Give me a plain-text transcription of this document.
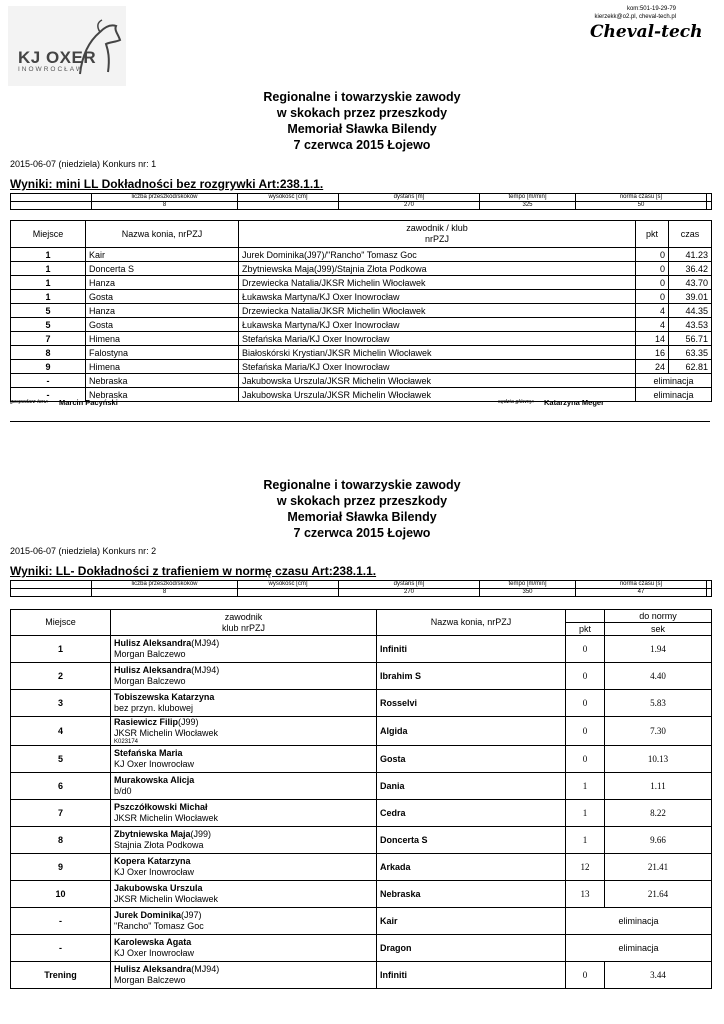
KJ OXER
INOWROCŁAW
kom:501-19-29-79
kierzekk@o2.pl, cheval-tech.pl
Cheval-tech
Regionalne i towarzyskie zawody
w skokach przez przeszkody
Memoriał Sławka Bilendy
7 czerwca 2015 Łojewo
2015-06-07 (niedziela) Konkurs nr: 1
Wyniki: mini LL Dokładności bez rozgrywki Art:238.1.1.
	liczba przeszkód/skoków	wysokość [cm]	dystans [m]	tempo [m/min]	norma czasu [s]	
	8		270	325	50	
Miejsce	Nazwa konia, nrPZJ	zawodnik / klub
nrPZJ	pkt	czas
1	Kair	Jurek Dominika(J97)/"Rancho" Tomasz Goc	0	41.23
1	Doncerta S	Zbytniewska Maja(J99)/Stajnia Złota Podkowa	0	36.42
1	Hanza	Drzewiecka Natalia/JKSR Michelin Włocławek	0	43.70
1	Gosta	Łukawska Martyna/KJ Oxer Inowrocław	0	39.01
5	Hanza	Drzewiecka Natalia/JKSR Michelin Włocławek	4	44.35
5	Gosta	Łukawska Martyna/KJ Oxer Inowrocław	4	43.53
7	Himena	Stefańska Maria/KJ Oxer Inowrocław	14	56.71
8	Falostyna	Białoskórski Krystian/JKSR Michelin Włocławek	16	63.35
9	Himena	Stefańska Maria/KJ Oxer Inowrocław	24	62.81
-	Nebraska	Jakubowska Urszula/JKSR Michelin Włocławek	eliminacja	
-	Nebraska	Jakubowska Urszula/JKSR Michelin Włocławek	eliminacja	
gospodarz toru: Marcin Pacyński	sędzia główny: Katarzyna Meger
Regionalne i towarzyskie zawody
w skokach przez przeszkody
Memoriał Sławka Bilendy
7 czerwca 2015 Łojewo
2015-06-07 (niedziela) Konkurs nr: 2
Wyniki: LL- Dokładności z trafieniem w normę czasu Art:238.1.1.
	liczba przeszkód/skoków	wysokość [cm]	dystans [m]	tempo [m/min]	norma czasu [s]	
	8		270	350	47	
Miejsce	zawodnik
klub nrPZJ	Nazwa konia, nrPZJ		do normy
			pkt	sek
1	Hulisz Aleksandra(MJ94)
Morgan Balczewo	Infiniti	0	1.94
2	Hulisz Aleksandra(MJ94)
Morgan Balczewo	Ibrahim S	0	4.40
3	Tobiszewska Katarzyna
bez przyn. klubowej	Rosselvi	0	5.83
4	Rasiewicz Filip(J99)
JKSR Michelin Włocławek
K023174	Algida	0	7.30
5	Stefańska Maria
KJ Oxer Inowrocław	Gosta	0	10.13
6	Murakowska Alicja
b/d0	Dania	1	1.11
7	Pszczółkowski Michał
JKSR Michelin Włocławek	Cedra	1	8.22
8	Zbytniewska Maja(J99)
Stajnia Złota Podkowa	Doncerta S	1	9.66
9	Kopera Katarzyna
KJ Oxer Inowrocław	Arkada	12	21.41
10	Jakubowska Urszula
JKSR Michelin Włocławek	Nebraska	13	21.64
-	Jurek Dominika(J97)
"Rancho" Tomasz Goc	Kair	eliminacja	
-	Karolewska Agata
KJ Oxer Inowrocław	Dragon	eliminacja	
Trening	Hulisz Aleksandra(MJ94)
Morgan Balczewo	Infiniti	0	3.44
